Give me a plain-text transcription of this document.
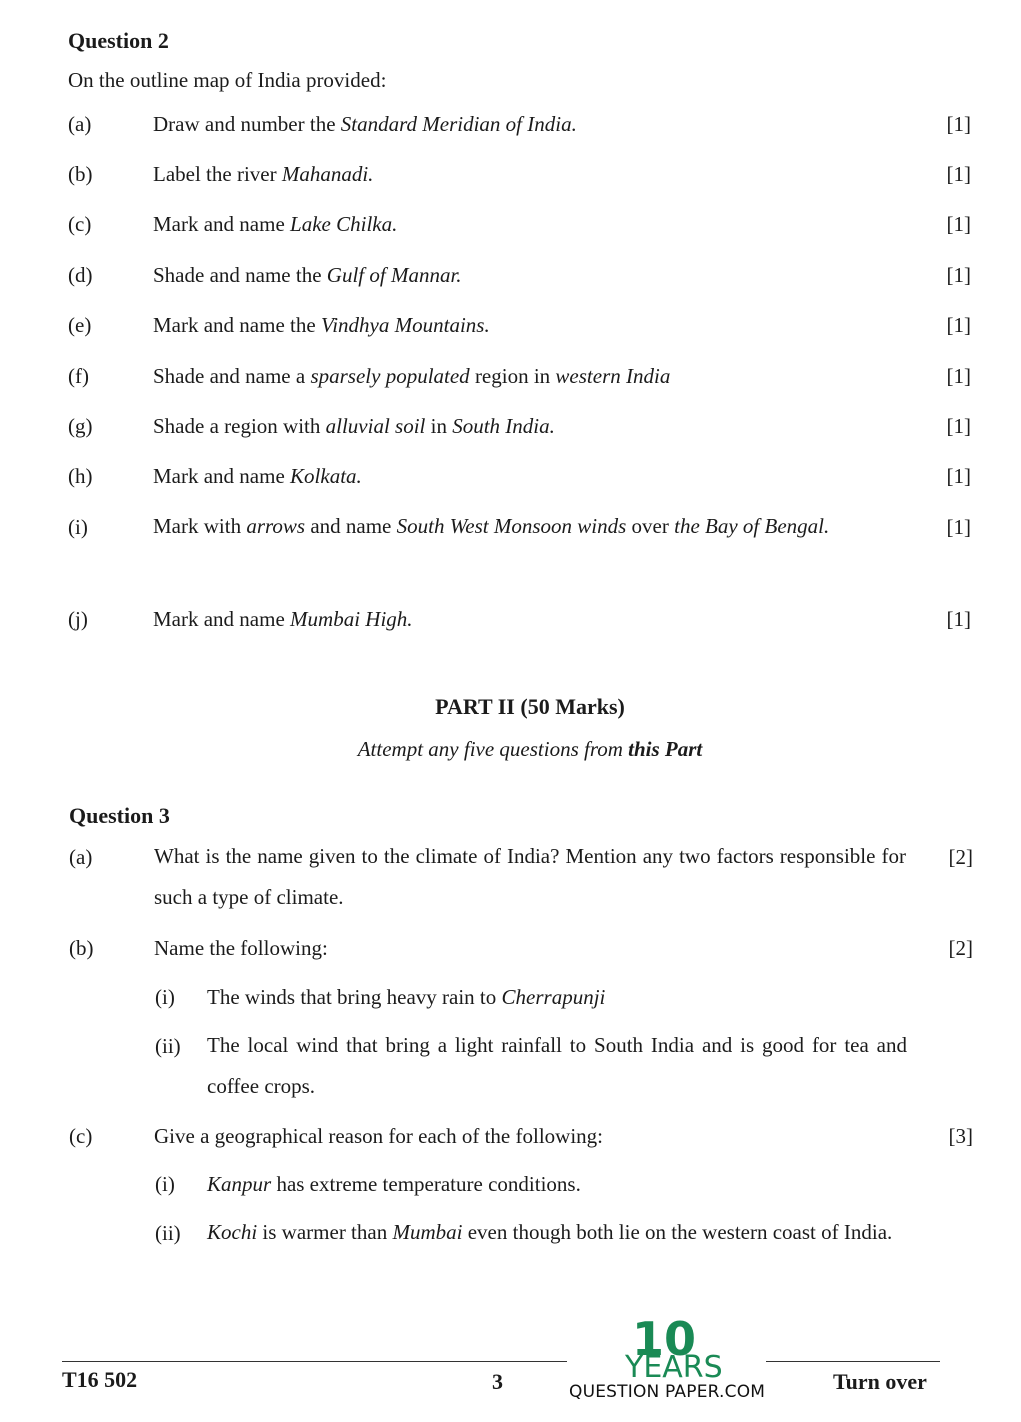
Question 2
On the outline map of India provided:
(a)	Draw and number the Standard Meridian of India.	[1]
(b)	Label the river Mahanadi.	[1]
(c)	Mark and name Lake Chilka.	[1]
(d)	Shade and name the Gulf of Mannar.	[1]
(e)	Mark and name the Vindhya Mountains.	[1]
(f)	Shade and name a sparsely populated region in western India	[1]
(g)	Shade a region with alluvial soil in South India.	[1]
(h)	Mark and name Kolkata.	[1]
(i)	Mark with arrows and name South West Monsoon winds over the Bay of Bengal.	[1]
(j)	Mark and name Mumbai High.	[1]
PART II (50 Marks)
Attempt any five questions from this Part
Question 3
(a)	What is the name given to the climate of India? Mention any two factors responsible for such a type of climate.
[2]
(b)	Name the following:	[2]
(i) The winds that bring heavy rain to Cherrapunji
(ii) The local wind that bring a light rainfall to South India and is good for tea and coffee crops.
(c)	Give a geographical reason for each of the following:	[3]
(i) Kanpur has extreme temperature conditions.
(ii) Kochi is warmer than Mumbai even though both lie on the western coast of India.
T16 502	3	Turn over
10
YEARS
QUESTION PAPER.COM
